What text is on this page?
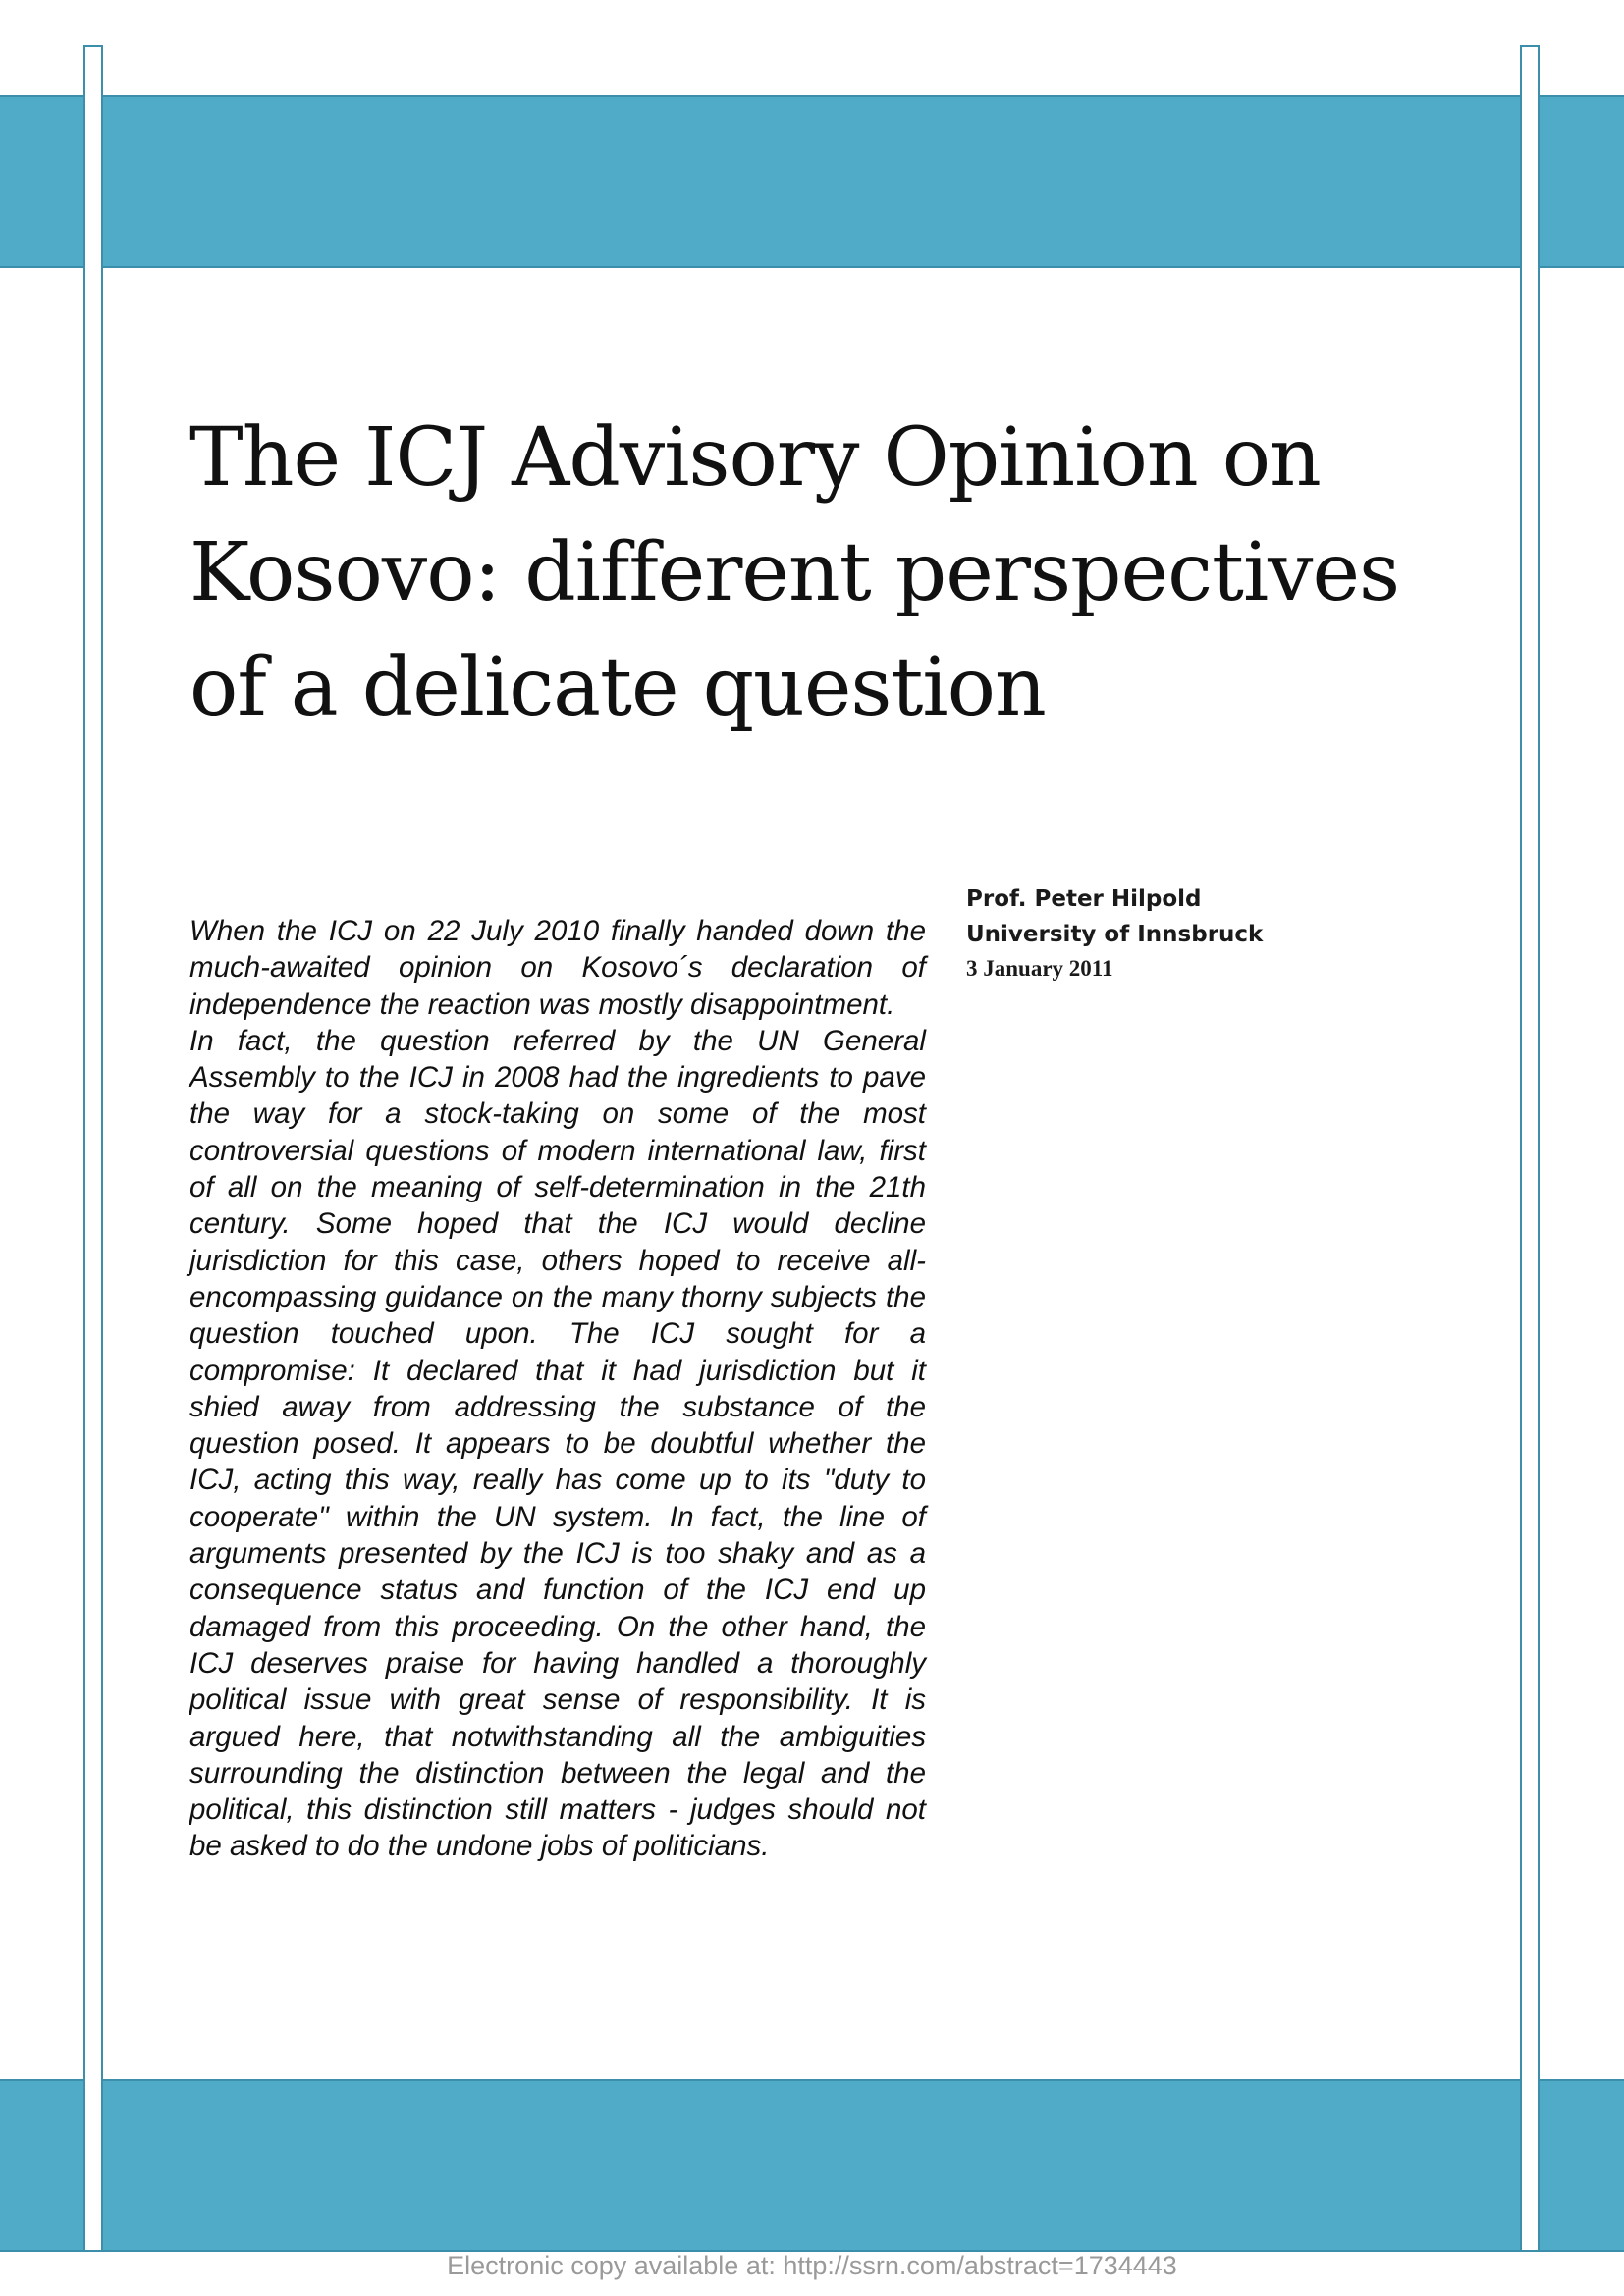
The ICJ Advisory Opinion on
Kosovo: different perspectives
of a delicate question
Prof. Peter Hilpold
University of Innsbruck
3 January 2011

When the ICJ on 22 July 2010 finally handed down the much-awaited opinion on Kosovo´s declaration of independence the reaction was mostly disappointment.

In fact, the question referred by the UN General Assembly to the ICJ in 2008 had the ingredients to pave the way for a stock-taking on some of the most controversial questions of modern international law, first of all on the meaning of self-determination in the 21th century. Some hoped that the ICJ would decline jurisdiction for this case, others hoped to receive all-encompassing guidance on the many thorny subjects the question touched upon. The ICJ sought for a compromise: It declared that it had jurisdiction but it shied away from addressing the substance of the question posed. It appears to be doubtful whether the ICJ, acting this way, really has come up to its "duty to cooperate" within the UN system. In fact, the line of arguments presented by the ICJ is too shaky and as a consequence status and function of the ICJ end up damaged from this proceeding. On the other hand, the ICJ deserves praise for having handled a thoroughly political issue with great sense of responsibility. It is argued here, that notwithstanding all the ambiguities surrounding the distinction between the legal and the political, this distinction still matters - judges should not be asked to do the undone jobs of politicians.

Electronic copy available at: http://ssrn.com/abstract=1734443
